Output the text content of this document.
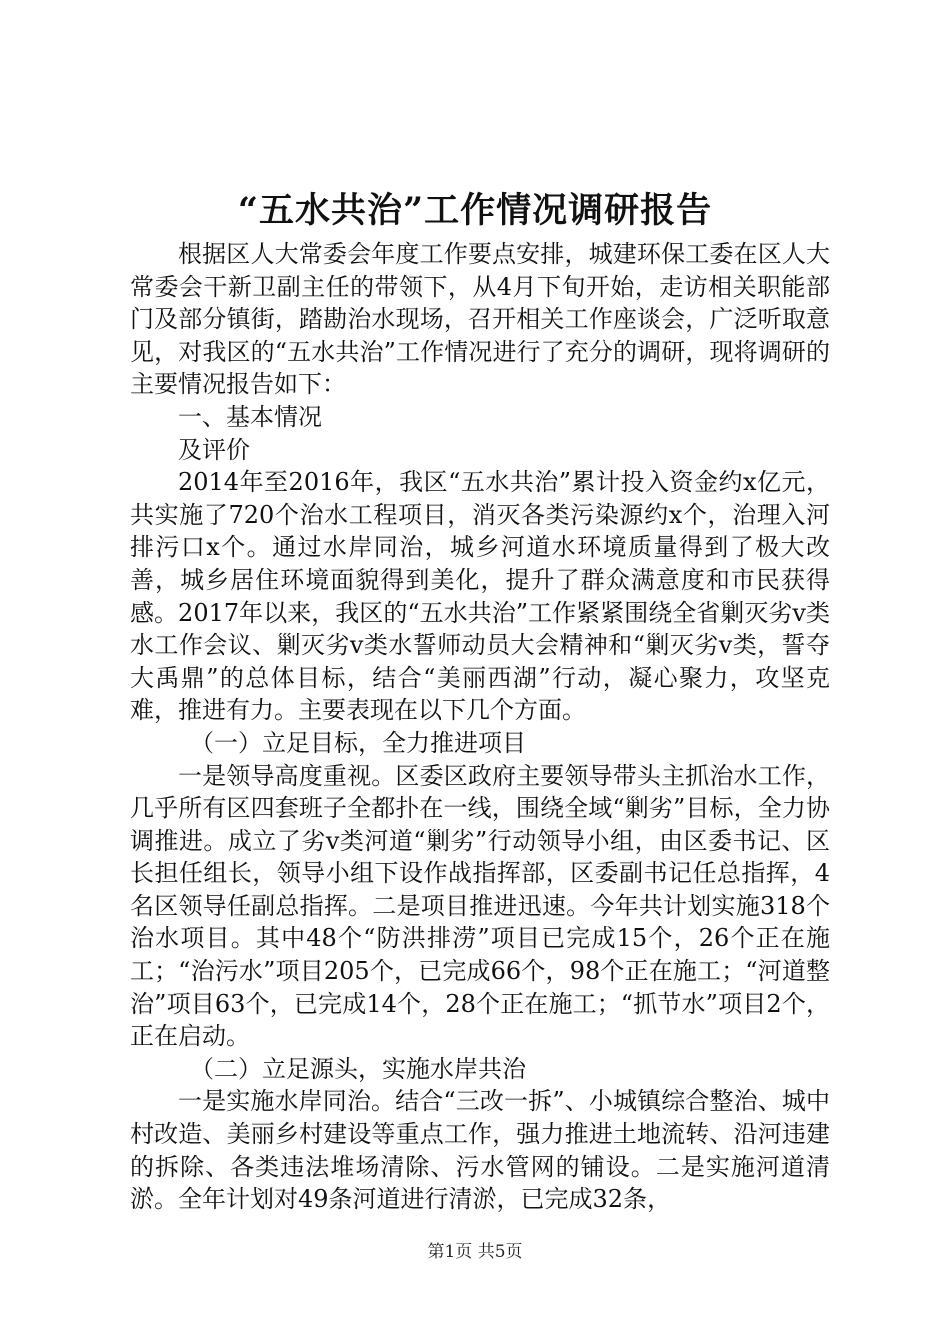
“五水共治”工作情况调研报告

根据区人大常委会年度工作要点安排，城建环保工委在区人大常委会干新卫副主任的带领下，从4月下旬开始，走访相关职能部门及部分镇街，踏勘治水现场，召开相关工作座谈会，广泛听取意见，对我区的“五水共治”工作情况进行了充分的调研，现将调研的主要情况报告如下：

一、基本情况

及评价

2014年至2016年，我区“五水共治”累计投入资金约x亿元，共实施了720个治水工程项目，消灭各类污染源约x个，治理入河排污口x个。通过水岸同治，城乡河道水环境质量得到了极大改善，城乡居住环境面貌得到美化，提升了群众满意度和市民获得感。2017年以来，我区的“五水共治”工作紧紧围绕全省剿灭劣v类水工作会议、剿灭劣v类水誓师动员大会精神和“剿灭劣v类，誓夺大禹鼎”的总体目标，结合“美丽西湖”行动，凝心聚力，攻坚克难，推进有力。主要表现在以下几个方面。

（一）立足目标，全力推进项目

一是领导高度重视。区委区政府主要领导带头主抓治水工作，几乎所有区四套班子全都扑在一线，围绕全域“剿劣”目标，全力协调推进。成立了劣v类河道“剿劣”行动领导小组，由区委书记、区长担任组长，领导小组下设作战指挥部，区委副书记任总指挥，4名区领导任副总指挥。二是项目推进迅速。今年共计划实施318个治水项目。其中48个“防洪排涝”项目已完成15个，26个正在施工；“治污水”项目205个，已完成66个，98个正在施工；“河道整治”项目63个，已完成14个，28个正在施工；“抓节水”项目2个，正在启动。

（二）立足源头，实施水岸共治

一是实施水岸同治。结合“三改一拆”、小城镇综合整治、城中村改造、美丽乡村建设等重点工作，强力推进土地流转、沿河违建的拆除、各类违法堆场清除、污水管网的铺设。二是实施河道清淤。全年计划对49条河道进行清淤，已完成32条，

第1页 共5页
